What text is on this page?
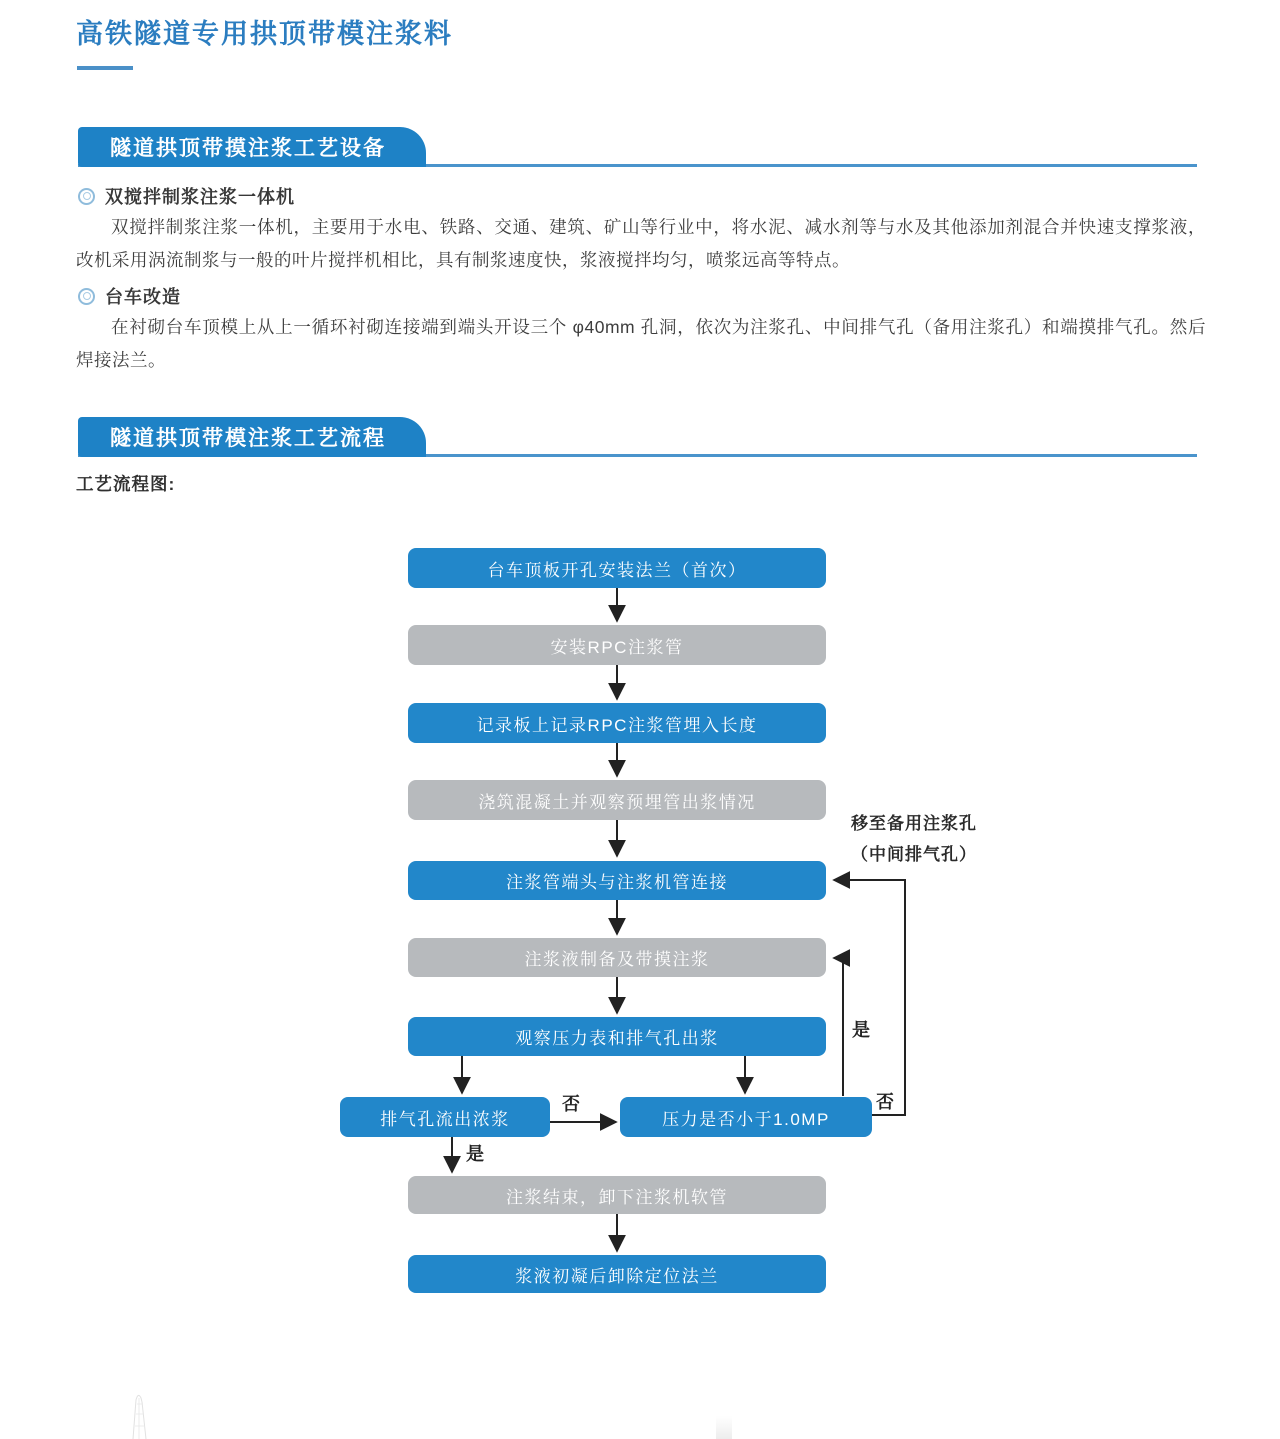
高铁隧道专用拱顶带模注浆料
隧道拱顶带摸注浆工艺设备
双搅拌制浆注浆一体机
双搅拌制浆注浆一体机，主要用于水电、铁路、交通、建筑、矿山等行业中，将水泥、减水剂等与水及其他添加剂混合并快速支撑浆液，改机采用涡流制浆与一般的叶片搅拌机相比，具有制浆速度快，浆液搅拌均匀，喷浆远高等特点。
台车改造
在衬砌台车顶模上从上一循环衬砌连接端到端头开设三个 φ40mm 孔洞，依次为注浆孔、中间排气孔（备用注浆孔）和端摸排气孔。然后焊接法兰。
隧道拱顶带模注浆工艺流程
工艺流程图:
台车顶板开孔安装法兰（首次）
安装RPC注浆管
记录板上记录RPC注浆管埋入长度
浇筑混凝土并观察预埋管出浆情况
注浆管端头与注浆机管连接
注浆液制备及带摸注浆
观察压力表和排气孔出浆
排气孔流出浓浆	压力是否小于1.0MP
注浆结束，卸下注浆机软管
浆液初凝后卸除定位法兰
否
是
是
否
移至备用注浆孔
（中间排气孔）
